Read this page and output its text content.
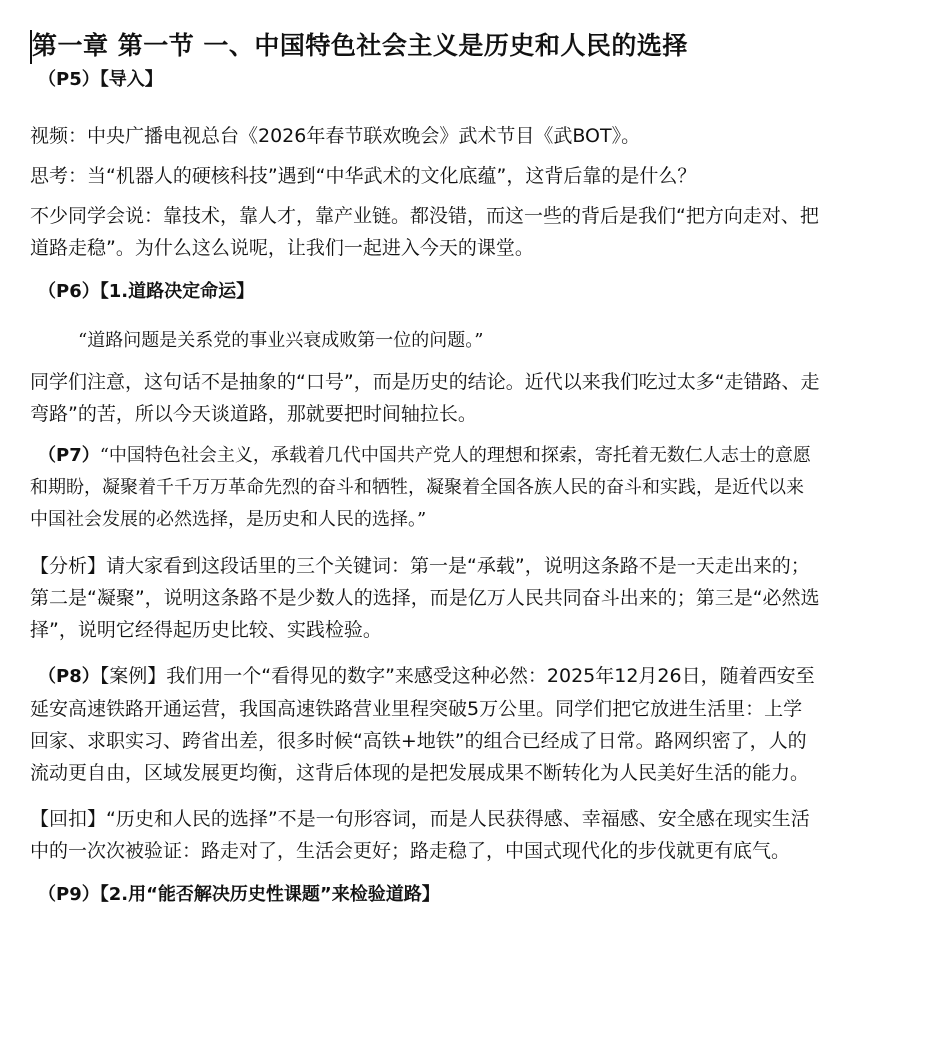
第一章 第一节 一、中国特色社会主义是历史和人民的选择
（P5）【导入】

视频：中央广播电视总台《2026年春节联欢晚会》武术节目《武BOT》。

思考：当“机器人的硬核科技”遇到“中华武术的文化底蕴”，这背后靠的是什么？

不少同学会说：靠技术，靠人才，靠产业链。都没错，而这一些的背后是我们“把方向走对、把道路走稳”。为什么这么说呢，让我们一起进入今天的课堂。

（P6）【1.道路决定命运】

“道路问题是关系党的事业兴衰成败第一位的问题。”

同学们注意，这句话不是抽象的“口号”，而是历史的结论。近代以来我们吃过太多“走错路、走弯路”的苦，所以今天谈道路，那就要把时间轴拉长。

（P7）“中国特色社会主义，承载着几代中国共产党人的理想和探索，寄托着无数仁人志士的意愿和期盼，凝聚着千千万万革命先烈的奋斗和牺牲，凝聚着全国各族人民的奋斗和实践，是近代以来中国社会发展的必然选择，是历史和人民的选择。”

【分析】请大家看到这段话里的三个关键词：第一是“承载”，说明这条路不是一天走出来的；第二是“凝聚”，说明这条路不是少数人的选择，而是亿万人民共同奋斗出来的；第三是“必然选择”，说明它经得起历史比较、实践检验。

（P8）【案例】我们用一个“看得见的数字”来感受这种必然：2025年12月26日，随着西安至延安高速铁路开通运营，我国高速铁路营业里程突破5万公里。同学们把它放进生活里：上学回家、求职实习、跨省出差，很多时候“高铁+地铁”的组合已经成了日常。路网织密了，人的流动更自由，区域发展更均衡，这背后体现的是把发展成果不断转化为人民美好生活的能力。

【回扣】“历史和人民的选择”不是一句形容词，而是人民获得感、幸福感、安全感在现实生活中的一次次被验证：路走对了，生活会更好；路走稳了，中国式现代化的步伐就更有底气。

（P9）【2.用“能否解决历史性课题”来检验道路】
